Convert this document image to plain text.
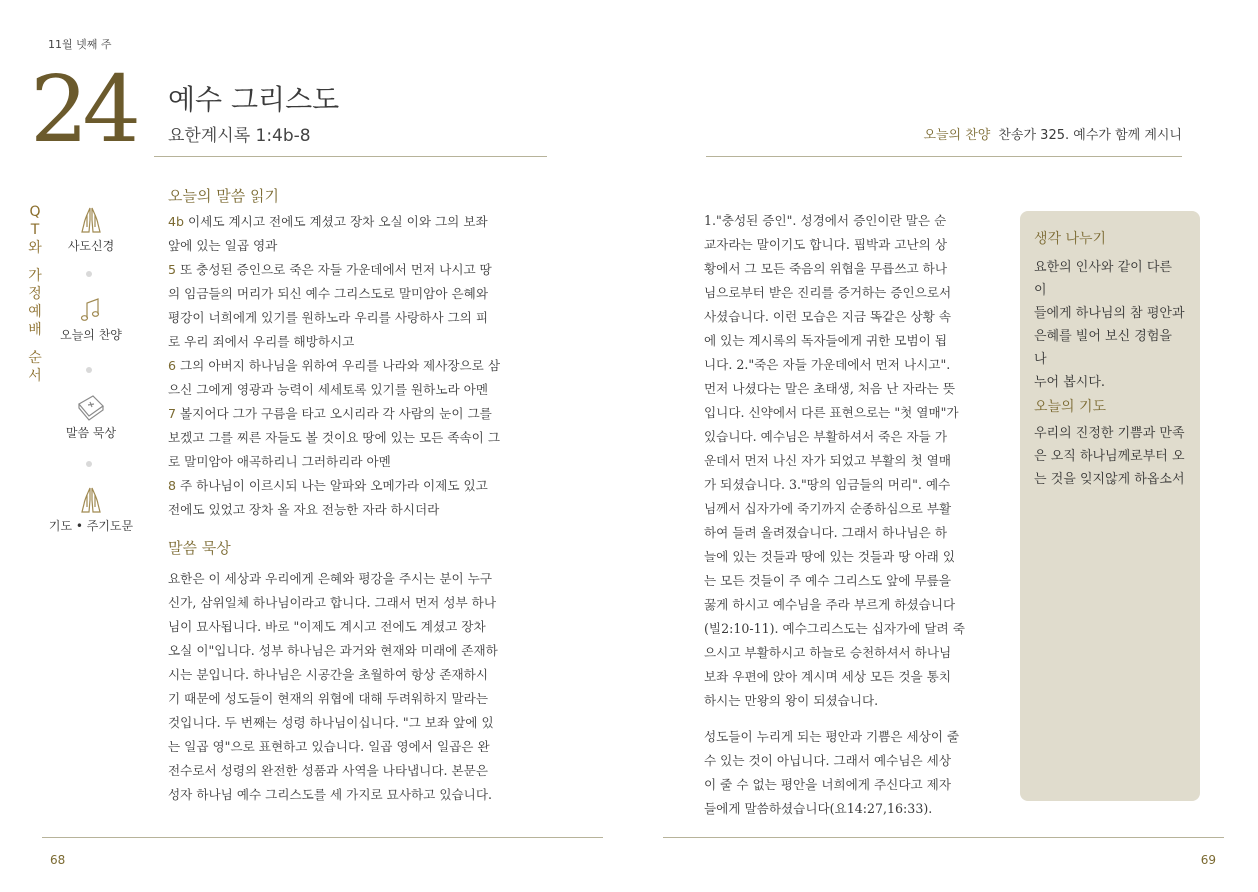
11월 넷째 주
24 예수 그리스도
요한계시록 1:4b-8	오늘의 찬양 찬송가 325. 예수가 함께 계시니
Q
T
와
가
정
예
배
순
서
사도신경
오늘의 찬양
말씀 묵상
기도 • 주기도문
오늘의 말씀 읽기
4b 이세도 계시고 전에도 계셨고 장차 오실 이와 그의 보좌
앞에 있는 일곱 영과
5 또 충성된 증인으로 죽은 자들 가운데에서 먼저 나시고 땅
의 임금들의 머리가 되신 예수 그리스도로 말미암아 은혜와
평강이 너희에게 있기를 원하노라 우리를 사랑하사 그의 피
로 우리 죄에서 우리를 해방하시고
6 그의 아버지 하나님을 위하여 우리를 나라와 제사장으로 삼
으신 그에게 영광과 능력이 세세토록 있기를 원하노라 아멘
7 볼지어다 그가 구름을 타고 오시리라 각 사람의 눈이 그를
보겠고 그를 찌른 자들도 볼 것이요 땅에 있는 모든 족속이 그
로 말미암아 애곡하리니 그러하리라 아멘
8 주 하나님이 이르시되 나는 알파와 오메가라 이제도 있고
전에도 있었고 장차 올 자요 전능한 자라 하시더라
말씀 묵상
요한은 이 세상과 우리에게 은혜와 평강을 주시는 분이 누구
신가, 삼위일체 하나님이라고 합니다. 그래서 먼저 성부 하나
님이 묘사됩니다. 바로 "이제도 계시고 전에도 계셨고 장차
오실 이"입니다. 성부 하나님은 과거와 현재와 미래에 존재하
시는 분입니다. 하나님은 시공간을 초월하여 항상 존재하시
기 때문에 성도들이 현재의 위협에 대해 두려워하지 말라는
것입니다. 두 번째는 성령 하나님이십니다. "그 보좌 앞에 있
는 일곱 영"으로 표현하고 있습니다. 일곱 영에서 일곱은 완
전수로서 성령의 완전한 성품과 사역을 나타냅니다. 본문은
성자 하나님 예수 그리스도를 세 가지로 묘사하고 있습니다.

1."충성된 증인". 성경에서 증인이란 말은 순
교자라는 말이기도 합니다. 핍박과 고난의 상
황에서 그 모든 죽음의 위협을 무릅쓰고 하나
님으로부터 받은 진리를 증거하는 증인으로서
사셨습니다. 이런 모습은 지금 똑같은 상황 속
에 있는 계시록의 독자들에게 귀한 모범이 됩
니다. 2."죽은 자들 가운데에서 먼저 나시고".
먼저 나셨다는 말은 초태생, 처음 난 자라는 뜻
입니다. 신약에서 다른 표현으로는 "첫 열매"가
있습니다. 예수님은 부활하셔서 죽은 자들 가
운데서 먼저 나신 자가 되었고 부활의 첫 열매
가 되셨습니다. 3."땅의 임금들의 머리". 예수
님께서 십자가에 죽기까지 순종하심으로 부활
하여 들려 올려졌습니다. 그래서 하나님은 하
늘에 있는 것들과 땅에 있는 것들과 땅 아래 있
는 모든 것들이 주 예수 그리스도 앞에 무릎을
꿇게 하시고 예수님을 주라 부르게 하셨습니다
(빌2:10-11). 예수그리스도는 십자가에 달려 죽
으시고 부활하시고 하늘로 승천하셔서 하나님
보좌 우편에 앉아 계시며 세상 모든 것을 통치
하시는 만왕의 왕이 되셨습니다.

성도들이 누리게 되는 평안과 기쁨은 세상이 줄
수 있는 것이 아닙니다. 그래서 예수님은 세상
이 줄 수 없는 평안을 너희에게 주신다고 제자
들에게 말씀하셨습니다(요14:27,16:33).

생각 나누기
요한의 인사와 같이 다른 이
들에게 하나님의 참 평안과
은혜를 빌어 보신 경험을 나
누어 봅시다.
오늘의 기도
우리의 진정한 기쁨과 만족
은 오직 하나님께로부터 오
는 것을 잊지않게 하옵소서
68	69
